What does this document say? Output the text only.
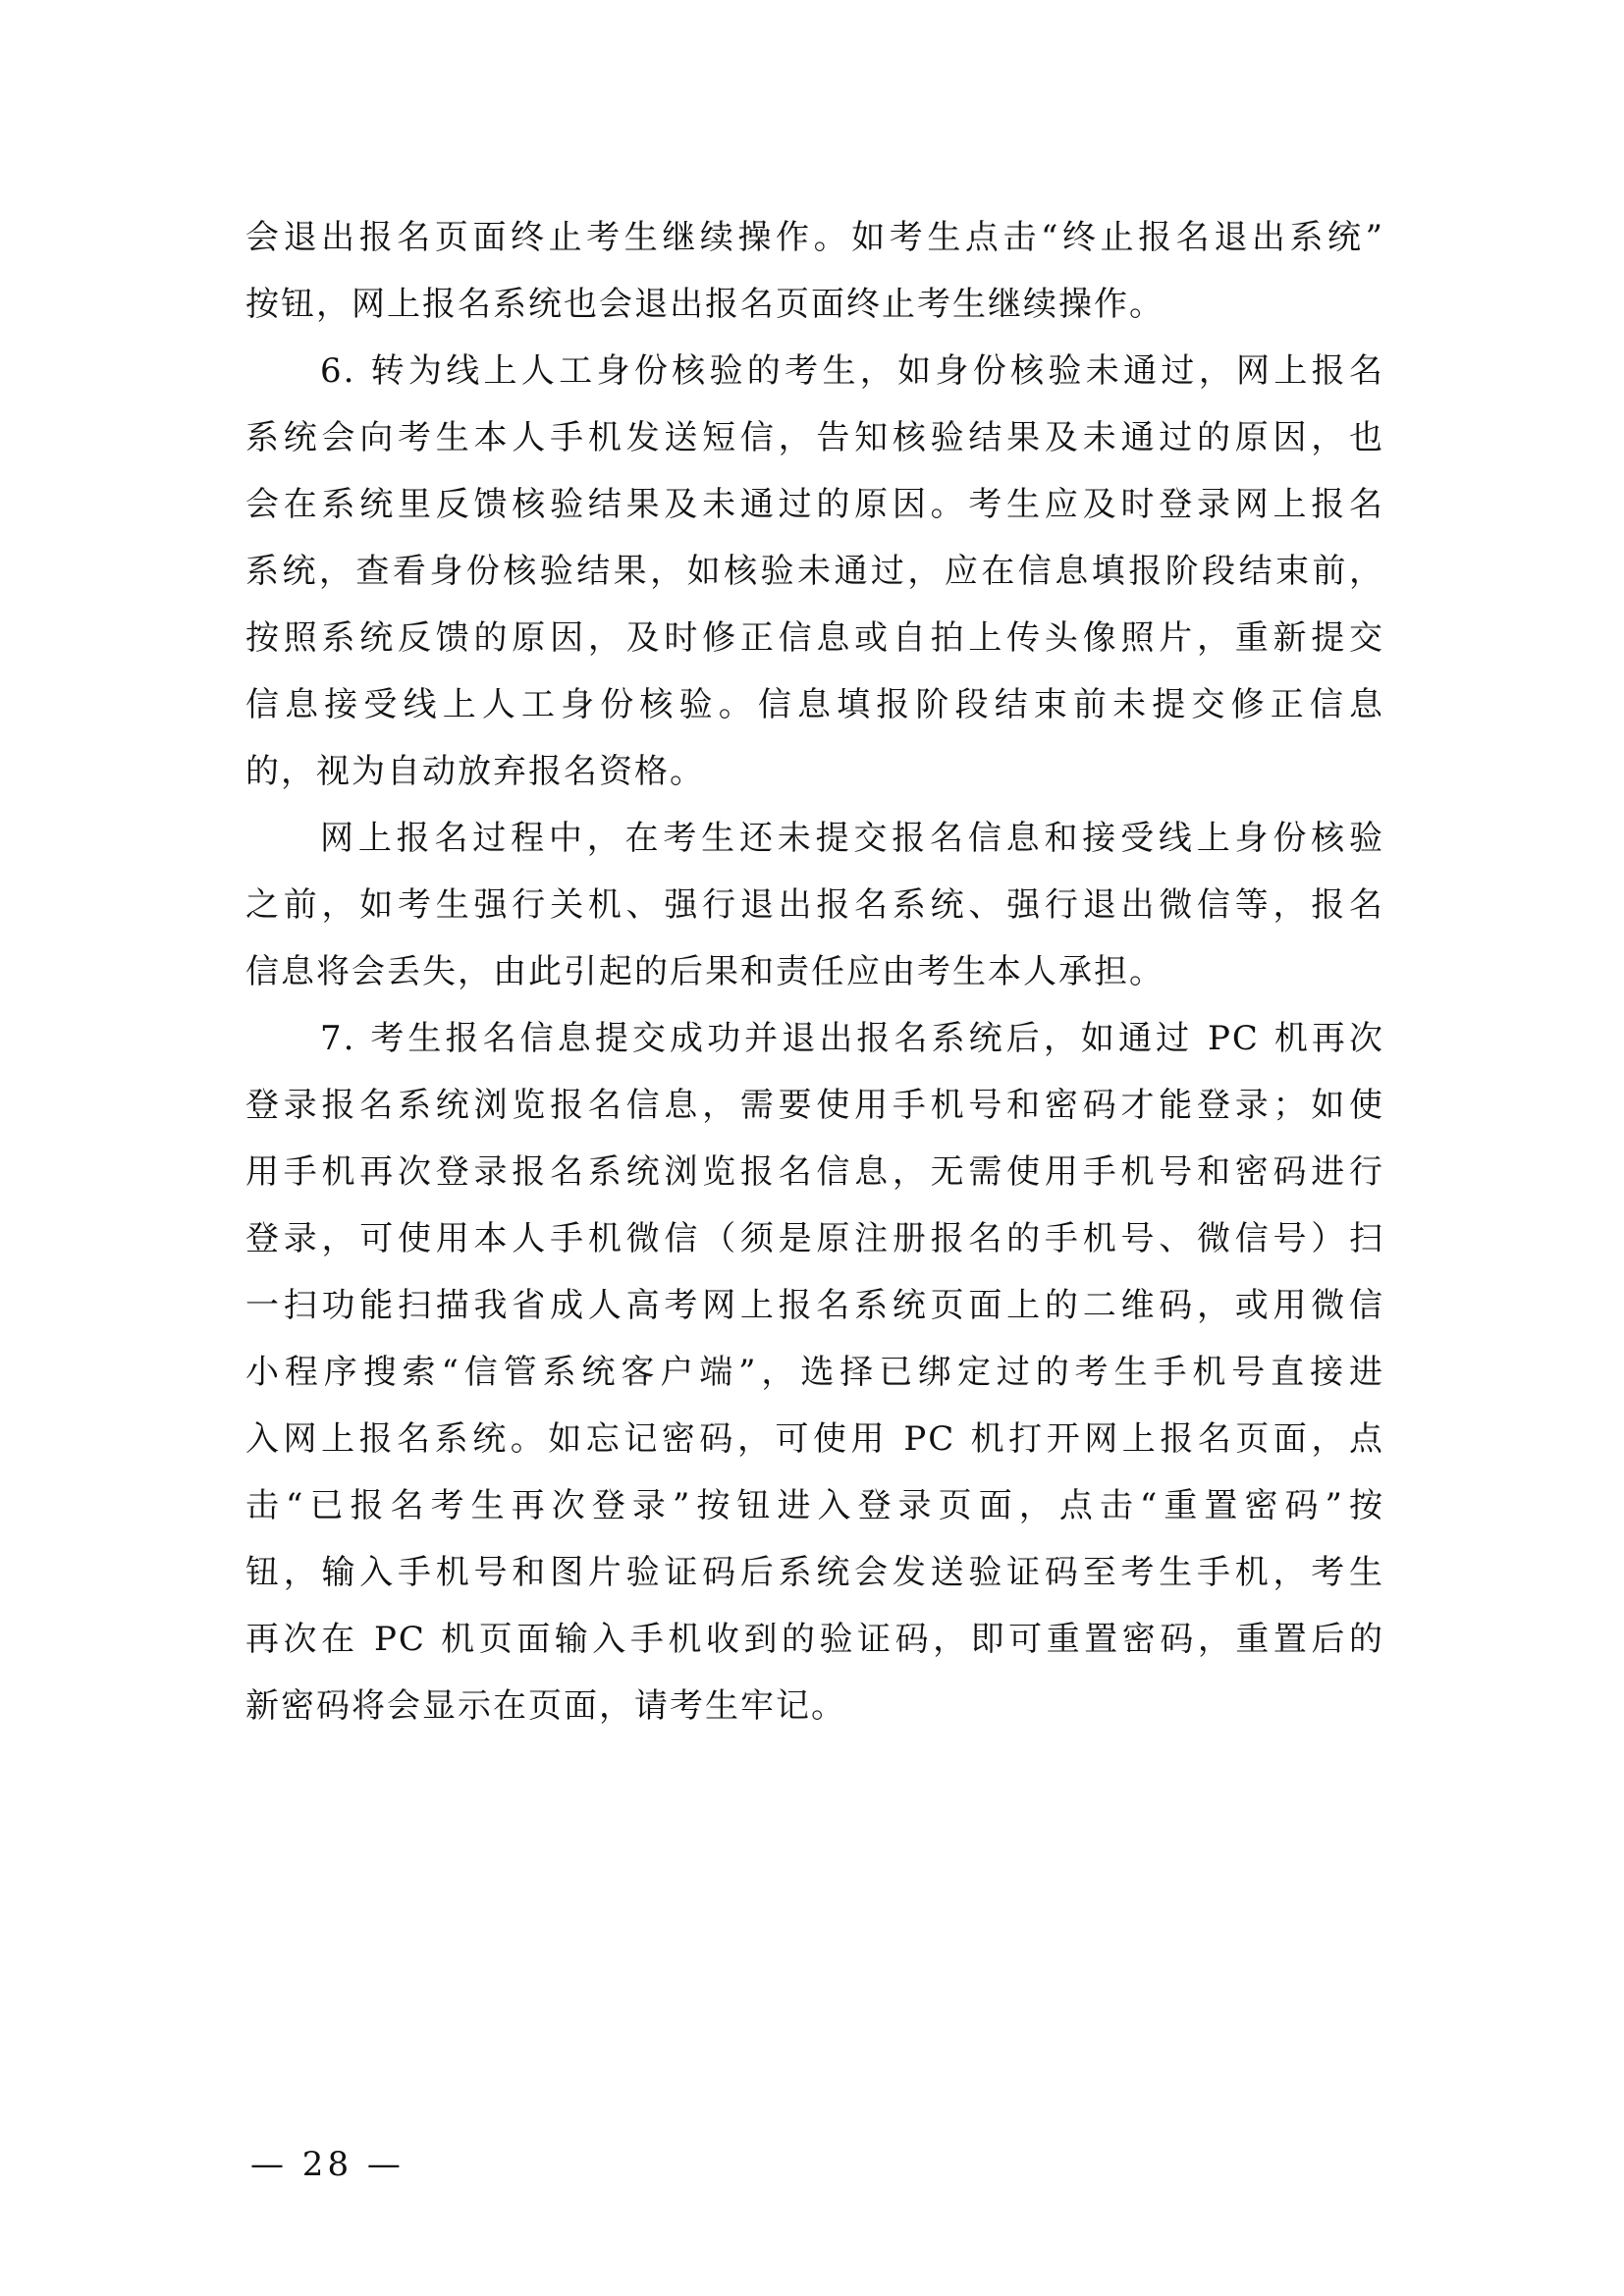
会退出报名页面终止考生继续操作。如考生点击“终止报名退出系统”
按钮，网上报名系统也会退出报名页面终止考生继续操作。
6. 转为线上人工身份核验的考生，如身份核验未通过，网上报名
系统会向考生本人手机发送短信，告知核验结果及未通过的原因，也
会在系统里反馈核验结果及未通过的原因。考生应及时登录网上报名
系统，查看身份核验结果，如核验未通过，应在信息填报阶段结束前，
按照系统反馈的原因，及时修正信息或自拍上传头像照片，重新提交
信息接受线上人工身份核验。信息填报阶段结束前未提交修正信息
的，视为自动放弃报名资格。
网上报名过程中，在考生还未提交报名信息和接受线上身份核验
之前，如考生强行关机、强行退出报名系统、强行退出微信等，报名
信息将会丢失，由此引起的后果和责任应由考生本人承担。
7. 考生报名信息提交成功并退出报名系统后，如通过 PC 机再次
登录报名系统浏览报名信息，需要使用手机号和密码才能登录；如使
用手机再次登录报名系统浏览报名信息，无需使用手机号和密码进行
登录，可使用本人手机微信（须是原注册报名的手机号、微信号）扫
一扫功能扫描我省成人高考网上报名系统页面上的二维码，或用微信
小程序搜索“信管系统客户端”，选择已绑定过的考生手机号直接进
入网上报名系统。如忘记密码，可使用 PC 机打开网上报名页面，点
击“已报名考生再次登录”按钮进入登录页面，点击“重置密码”按
钮，输入手机号和图片验证码后系统会发送验证码至考生手机，考生
再次在 PC 机页面输入手机收到的验证码，即可重置密码，重置后的
新密码将会显示在页面，请考生牢记。
— 28 —
